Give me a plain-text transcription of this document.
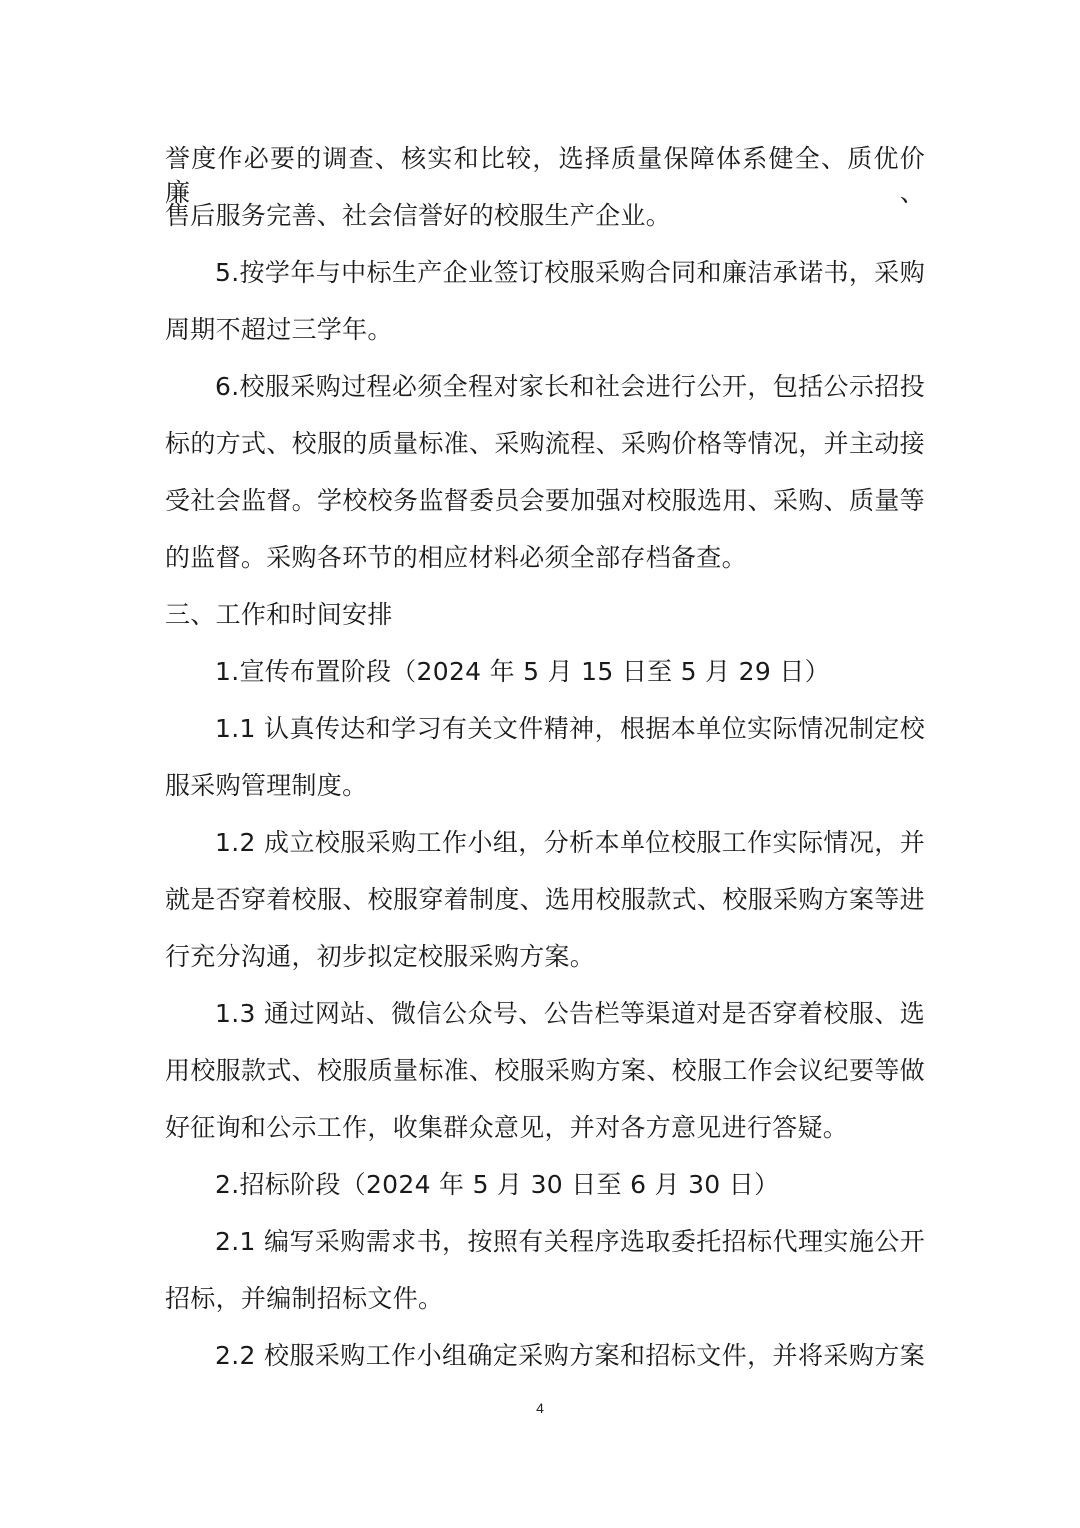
誉度作必要的调查、核实和比较，选择质量保障体系健全、质优价廉、
售后服务完善、社会信誉好的校服生产企业。
5.按学年与中标生产企业签订校服采购合同和廉洁承诺书，采购
周期不超过三学年。
6.校服采购过程必须全程对家长和社会进行公开，包括公示招投
标的方式、校服的质量标准、采购流程、采购价格等情况，并主动接
受社会监督。学校校务监督委员会要加强对校服选用、采购、质量等
的监督。采购各环节的相应材料必须全部存档备查。
三、工作和时间安排
1.宣传布置阶段（2024 年 5 月 15 日至 5 月 29 日）
1.1 认真传达和学习有关文件精神，根据本单位实际情况制定校
服采购管理制度。
1.2 成立校服采购工作小组，分析本单位校服工作实际情况，并
就是否穿着校服、校服穿着制度、选用校服款式、校服采购方案等进
行充分沟通，初步拟定校服采购方案。
1.3 通过网站、微信公众号、公告栏等渠道对是否穿着校服、选
用校服款式、校服质量标准、校服采购方案、校服工作会议纪要等做
好征询和公示工作，收集群众意见，并对各方意见进行答疑。
2.招标阶段（2024 年 5 月 30 日至 6 月 30 日）
2.1 编写采购需求书，按照有关程序选取委托招标代理实施公开
招标，并编制招标文件。
2.2 校服采购工作小组确定采购方案和招标文件，并将采购方案
4
